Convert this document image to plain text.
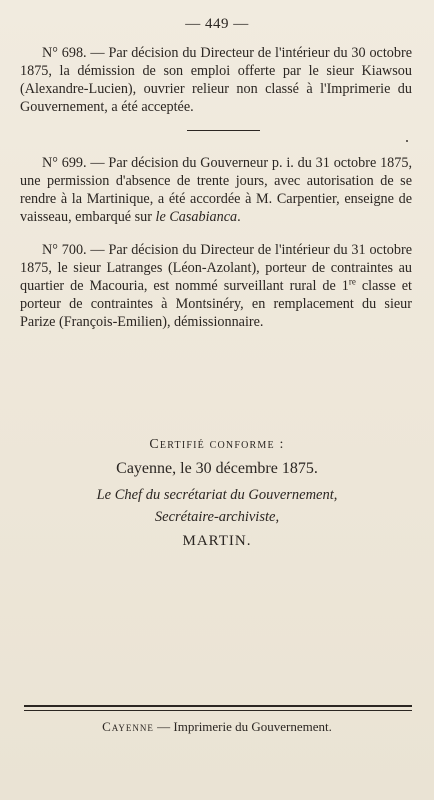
— 449 —

N° 698. — Par décision du Directeur de l'intérieur du 30 octobre 1875, la démission de son emploi offerte par le sieur Kiawsou (Alexandre-Lucien), ouvrier relieur non classé à l'Imprimerie du Gouvernement, a été acceptée.

N° 699. — Par décision du Gouverneur p. i. du 31 octobre 1875, une permission d'absence de trente jours, avec autorisation de se rendre à la Martinique, a été accordée à M. Carpentier, enseigne de vaisseau, embarqué sur le Casabianca.

N° 700. — Par décision du Directeur de l'intérieur du 31 octobre 1875, le sieur Latranges (Léon-Azolant), porteur de contraintes au quartier de Macouria, est nommé surveillant rural de 1re classe et porteur de contraintes à Montsinéry, en remplacement du sieur Parize (François-Emilien), démissionnaire.

Certifié conforme :
Cayenne, le 30 décembre 1875.
Le Chef du secrétariat du Gouvernement,
Secrétaire-archiviste,
MARTIN.
Cayenne — Imprimerie du Gouvernement.
